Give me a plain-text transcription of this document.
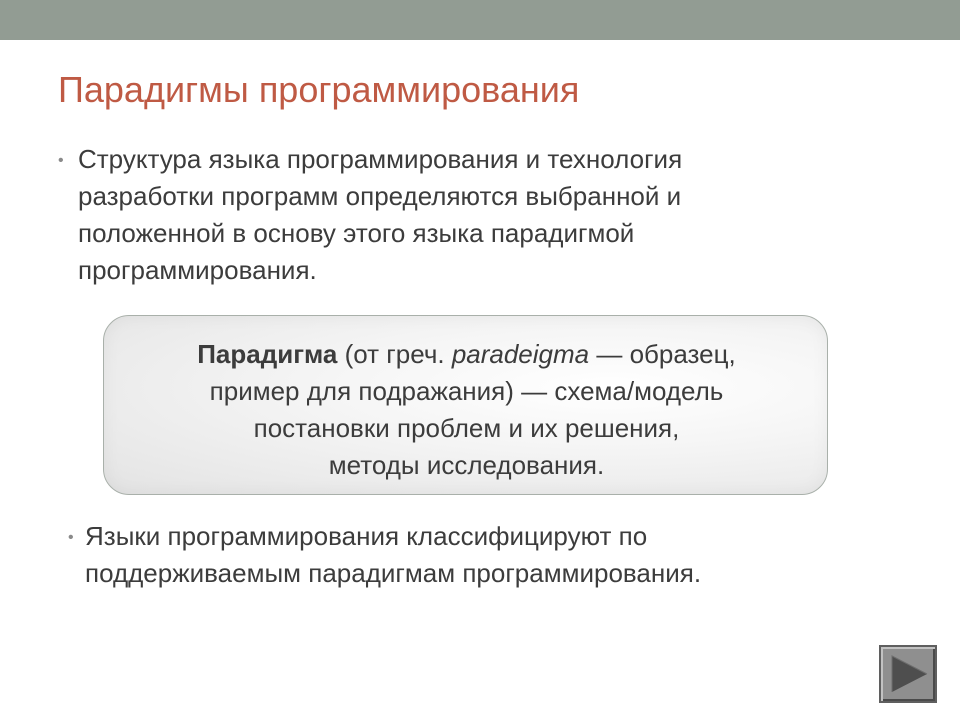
Парадигмы программирования
• Структура языка программирования и технология
разработки программ определяются выбранной и
положенной в основу этого языка парадигмой
программирования.
Парадигма (от греч. paradeigma — образец,
пример для подражания) — схема/модель
постановки проблем и их решения,
методы исследования.
• Языки программирования классифицируют по
поддерживаемым парадигмам программирования.
